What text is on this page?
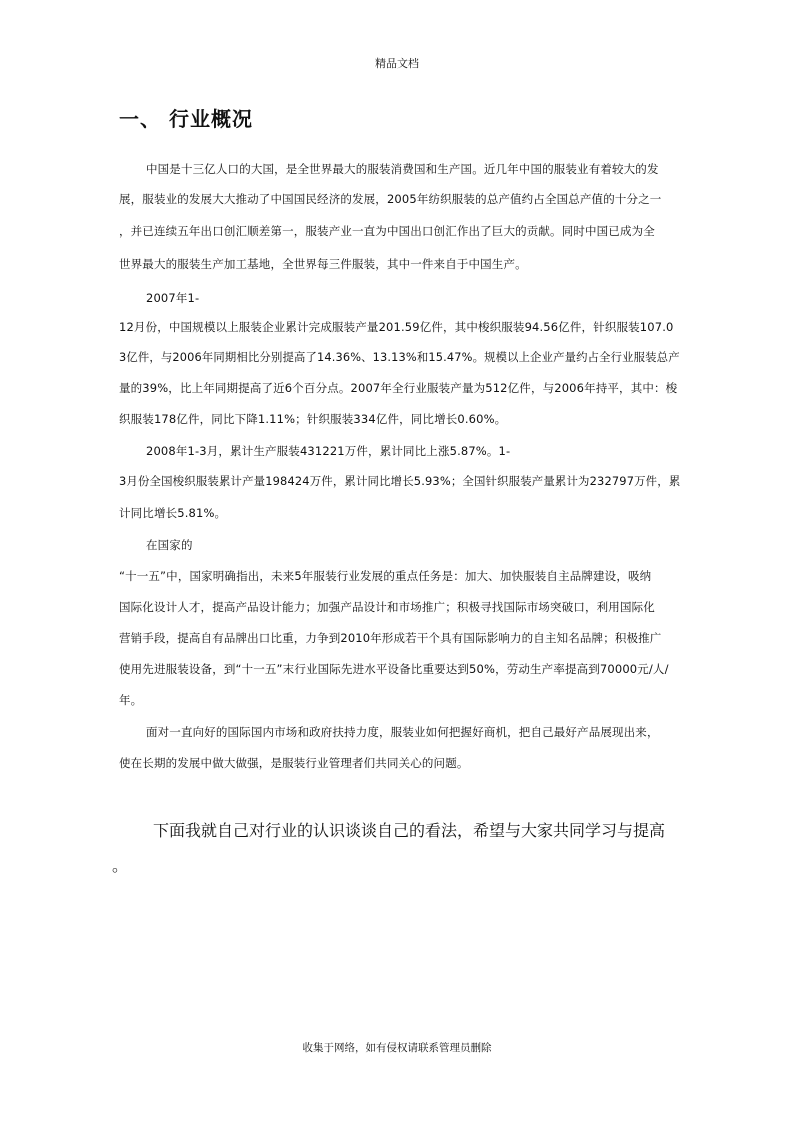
精品文档
一、 行业概况
中国是十三亿人口的大国，是全世界最大的服装消费国和生产国。近几年中国的服装业有着较大的发
展，服装业的发展大大推动了中国国民经济的发展，2005年纺织服装的总产值约占全国总产值的十分之一
，并已连续五年出口创汇顺差第一，服装产业一直为中国出口创汇作出了巨大的贡献。同时中国已成为全
世界最大的服装生产加工基地，全世界每三件服装，其中一件来自于中国生产。
2007年1-
12月份，中国规模以上服装企业累计完成服装产量201.59亿件，其中梭织服装94.56亿件，针织服装107.0
3亿件，与2006年同期相比分别提高了14.36%、13.13%和15.47%。规模以上企业产量约占全行业服装总产
量的39%，比上年同期提高了近6个百分点。2007年全行业服装产量为512亿件，与2006年持平，其中：梭
织服装178亿件，同比下降1.11%；针织服装334亿件，同比增长0.60%。
2008年1-3月，累计生产服装431221万件，累计同比上涨5.87%。1-
3月份全国梭织服装累计产量198424万件，累计同比增长5.93%；全国针织服装产量累计为232797万件，累
计同比增长5.81%。
在国家的
“十一五”中，国家明确指出，未来5年服装行业发展的重点任务是：加大、加快服装自主品牌建设，吸纳
国际化设计人才，提高产品设计能力；加强产品设计和市场推广；积极寻找国际市场突破口，利用国际化
营销手段，提高自有品牌出口比重，力争到2010年形成若干个具有国际影响力的自主知名品牌；积极推广
使用先进服装设备，到“十一五”末行业国际先进水平设备比重要达到50%，劳动生产率提高到70000元/人/
年。
面对一直向好的国际国内市场和政府扶持力度，服装业如何把握好商机，把自己最好产品展现出来，
使在长期的发展中做大做强，是服装行业管理者们共同关心的问题。
下面我就自己对行业的认识谈谈自己的看法，希望与大家共同学习与提高
。
收集于网络，如有侵权请联系管理员删除
